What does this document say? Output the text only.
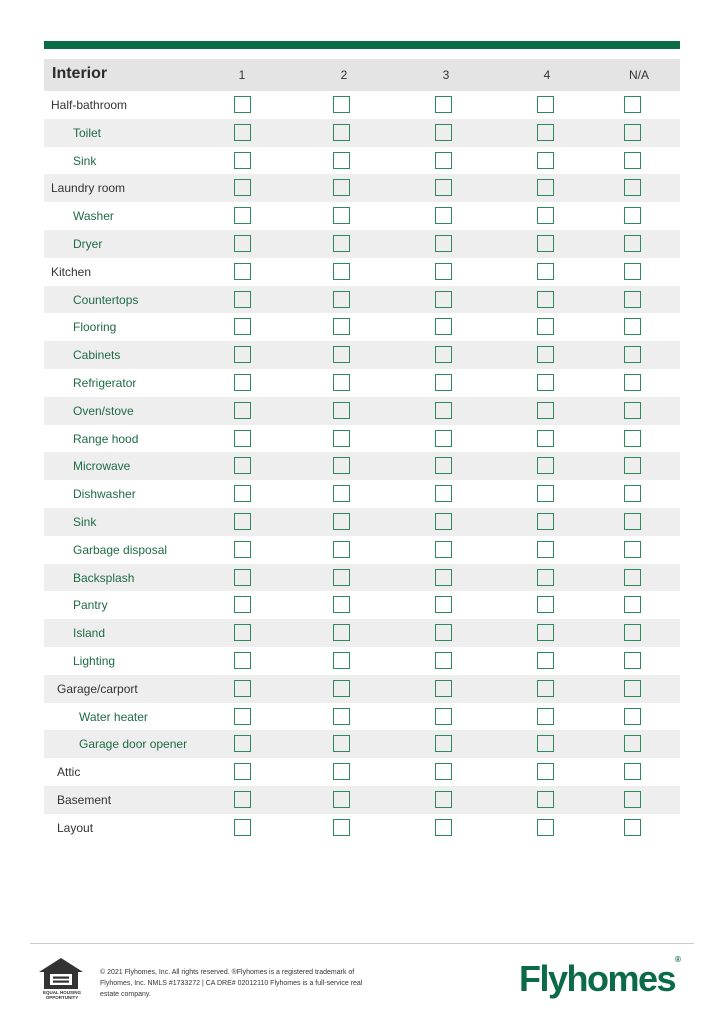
Interior	1	2	3	4	N/A
Half-bathroom
Toilet
Sink
Laundry room
Washer
Dryer
Kitchen
Countertops
Flooring
Cabinets
Refrigerator
Oven/stove
Range hood
Microwave
Dishwasher
Sink
Garbage disposal
Backsplash
Pantry
Island
Lighting
Garage/carport
Water heater
Garage door opener
Attic
Basement
Layout
EQUAL HOUSING
OPPORTUNITY
© 2021 Flyhomes, Inc. All rights reserved. ®Flyhomes is a registered trademark of
Flyhomes, Inc. NMLS #1733272 | CA DRE# 02012110 Flyhomes is a full-service real
estate company.	Flyhomes®
